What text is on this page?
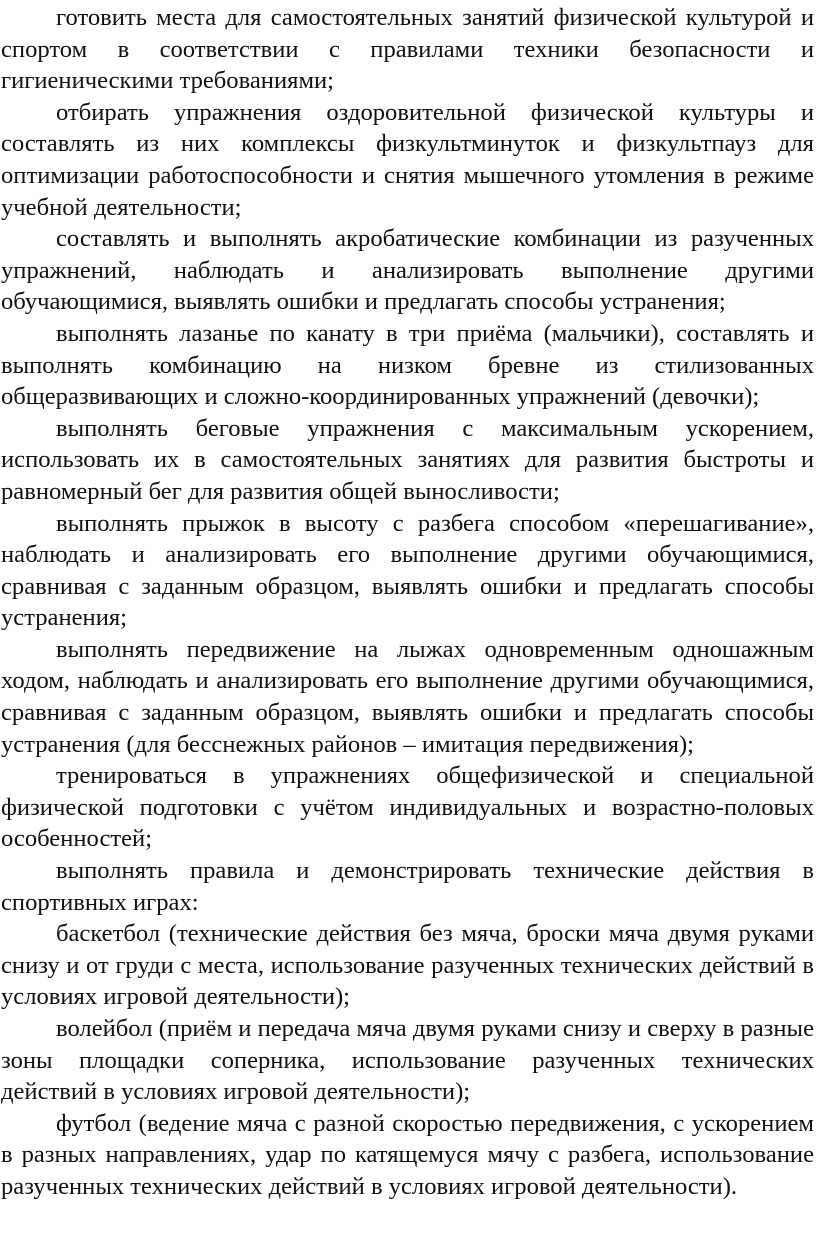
готовить места для самостоятельных занятий физической культурой и спортом в соответствии с правилами техники безопасности и гигиеническими требованиями;

отбирать упражнения оздоровительной физической культуры и составлять из них комплексы физкультминуток и физкультпауз для оптимизации работоспособности и снятия мышечного утомления в режиме учебной деятельности;

составлять и выполнять акробатические комбинации из разученных упражнений, наблюдать и анализировать выполнение другими обучающимися, выявлять ошибки и предлагать способы устранения;

выполнять лазанье по канату в три приёма (мальчики), составлять и выполнять комбинацию на низком бревне из стилизованных общеразвивающих и сложно-координированных упражнений (девочки);

выполнять беговые упражнения с максимальным ускорением, использовать их в самостоятельных занятиях для развития быстроты и равномерный бег для развития общей выносливости;

выполнять прыжок в высоту с разбега способом «перешагивание», наблюдать и анализировать его выполнение другими обучающимися, сравнивая с заданным образцом, выявлять ошибки и предлагать способы устранения;

выполнять передвижение на лыжах одновременным одношажным ходом, наблюдать и анализировать его выполнение другими обучающимися, сравнивая с заданным образцом, выявлять ошибки и предлагать способы устранения (для бесснежных районов – имитация передвижения);

тренироваться в упражнениях общефизической и специальной физической подготовки с учётом индивидуальных и возрастно-половых особенностей;

выполнять правила и демонстрировать технические действия в спортивных играх:

баскетбол (технические действия без мяча, броски мяча двумя руками снизу и от груди с места, использование разученных технических действий в условиях игровой деятельности);

волейбол (приём и передача мяча двумя руками снизу и сверху в разные зоны площадки соперника, использование разученных технических действий в условиях игровой деятельности);

футбол (ведение мяча с разной скоростью передвижения, с ускорением в разных направлениях, удар по катящемуся мячу с разбега, использование разученных технических действий в условиях игровой деятельности).
